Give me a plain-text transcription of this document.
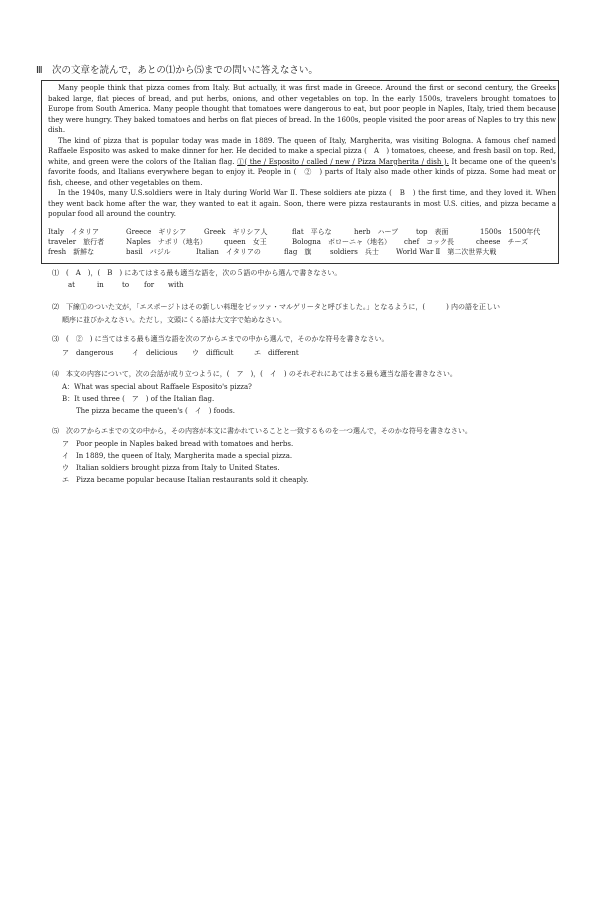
Ⅲ　次の文章を読んで，あとの⑴から⑸までの問いに答えなさい。

Many people think that pizza comes from Italy. But actually, it was first made in Greece. Around the first or second century, the Greeks baked large, flat pieces of bread, and put herbs, onions, and other vegetables on top. In the early 1500s, travelers brought tomatoes to Europe from South America. Many people thought that tomatoes were dangerous to eat, but poor people in Naples, Italy, tried them because they were hungry. They baked tomatoes and herbs on flat pieces of bread. In the 1600s, people visited the poor areas of Naples to try this new dish.

The kind of pizza that is popular today was made in 1889. The queen of Italy, Margherita, was visiting Bologna. A famous chef named Raffaele Esposito was asked to make dinner for her. He decided to make a special pizza (　A　) tomatoes, cheese, and fresh basil on top. Red, white, and green were the colors of the Italian flag. ①( the / Esposito / called / new / Pizza Margherita / dish ). It became one of the queen's favorite foods, and Italians everywhere began to enjoy it. People in (　②　) parts of Italy also made other kinds of pizza. Some had meat or fish, cheese, and other vegetables on them.

In the 1940s, many U.S.soldiers were in Italy during World War Ⅱ. These soldiers ate pizza (　B　) the first time, and they loved it. When they went back home after the war, they wanted to eat it again. Soon, there were pizza restaurants in most U.S. cities, and pizza became a popular food all around the country.

Italy　イタリア	Greece　ギリシア	Greek　ギリシア人	flat　平らな	herb　ハーブ	top　表面	1500s　1500年代
traveler　旅行者	Naples　ナポリ（地名） queen　女王	Bologna　ボローニャ（地名） chef　コック長	cheese　チーズ
fresh　新鮮な	basil　バジル	Italian　イタリアの	flag　旗	soldiers　兵士 World War Ⅱ　第二次世界大戦
⑴　(　A　)，(　B　) にあてはまる最も適当な語を，次の５語の中から選んで書きなさい。
at	in	to for with
⑵　下線①のついた文が，「エスポージトはその新しい料理をピッツァ・マルゲリータと呼びました。」となるように，(　　　) 内の語を正しい
順序に並びかえなさい。ただし，文頭にくる語は大文字で始めなさい。
⑶　(　②　) に当てはまる最も適当な語を次のアからエまでの中から選んで，そのかな符号を書きなさい。
ア　dangerous	イ　delicious ウ　difficult	エ　different
⑷　本文の内容について，次の会話が成り立つように，(　ア　)，(　イ　) のそれぞれにあてはまる最も適当な語を書きなさい。
A：What was special about Raffaele Esposito's pizza?
B：It used three (　ア　) of the Italian flag.
The pizza became the queen's (　イ　) foods.
⑸　次のアからエまでの文の中から，その内容が本文に書かれていることと一致するものを一つ選んで，そのかな符号を書きなさい。
ア　Poor people in Naples baked bread with tomatoes and herbs.
イ　In 1889, the queen of Italy, Margherita made a special pizza.
ウ　Italian soldiers brought pizza from Italy to United States.
エ　Pizza became popular because Italian restaurants sold it cheaply.
